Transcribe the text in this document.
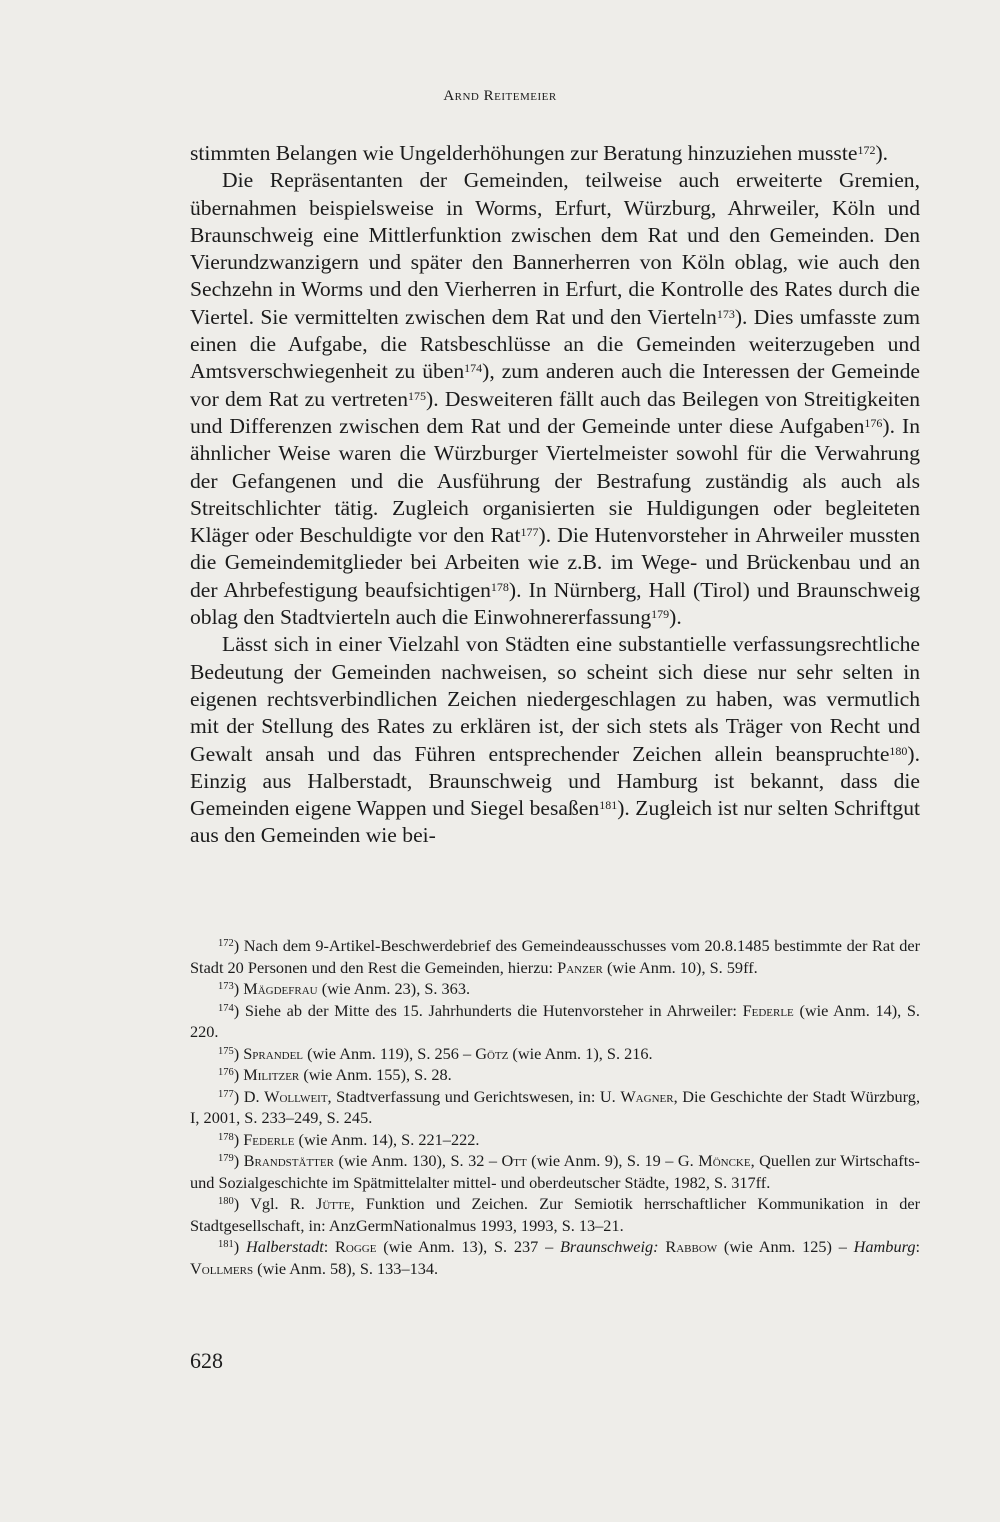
Arnd Reitemeier

stimmten Belangen wie Ungelderhöhungen zur Beratung hinzuziehen musste$^{172}$).

Die Repräsentanten der Gemeinden, teilweise auch erweiterte Gremien, übernahmen beispielsweise in Worms, Erfurt, Würzburg, Ahrweiler, Köln und Braunschweig eine Mittlerfunktion zwischen dem Rat und den Gemeinden. Den Vierundzwanzigern und später den Bannerherren von Köln oblag, wie auch den Sechzehn in Worms und den Vierherren in Erfurt, die Kontrolle des Rates durch die Viertel. Sie vermittelten zwischen dem Rat und den Vierteln$^{173}$). Dies umfasste zum einen die Aufgabe, die Ratsbeschlüsse an die Gemeinden weiterzugeben und Amtsverschwiegenheit zu üben$^{174}$), zum anderen auch die Interessen der Gemeinde vor dem Rat zu vertreten$^{175}$). Desweiteren fällt auch das Beilegen von Streitigkeiten und Differenzen zwischen dem Rat und der Gemeinde unter diese Aufgaben$^{176}$). In ähnlicher Weise waren die Würzburger Viertelmeister sowohl für die Verwahrung der Gefangenen und die Ausführung der Bestrafung zuständig als auch als Streitschlichter tätig. Zugleich organisierten sie Huldigungen oder begleiteten Kläger oder Beschuldigte vor den Rat$^{177}$). Die Hutenvorsteher in Ahrweiler mussten die Gemeindemitglieder bei Arbeiten wie z.B. im Wege- und Brückenbau und an der Ahrbefestigung beaufsichtigen$^{178}$). In Nürnberg, Hall (Tirol) und Braunschweig oblag den Stadtvierteln auch die Einwohnererfassung$^{179}$).

Lässt sich in einer Vielzahl von Städten eine substantielle verfassungsrechtliche Bedeutung der Gemeinden nachweisen, so scheint sich diese nur sehr selten in eigenen rechtsverbindlichen Zeichen niedergeschlagen zu haben, was vermutlich mit der Stellung des Rates zu erklären ist, der sich stets als Träger von Recht und Gewalt ansah und das Führen entsprechender Zeichen allein beanspruchte$^{180}$). Einzig aus Halberstadt, Braunschweig und Hamburg ist bekannt, dass die Gemeinden eigene Wappen und Siegel besaßen$^{181}$). Zugleich ist nur selten Schriftgut aus den Gemeinden wie bei-

$^{172}$) Nach dem 9-Artikel-Beschwerdebrief des Gemeindeausschusses vom 20.8.1485 bestimmte der Rat der Stadt 20 Personen und den Rest die Gemeinden, hierzu: Panzer (wie Anm. 10), S. 59ff.

$^{173}$) Mägdefrau (wie Anm. 23), S. 363.

$^{174}$) Siehe ab der Mitte des 15. Jahrhunderts die Hutenvorsteher in Ahrweiler: Federle (wie Anm. 14), S. 220.

$^{175}$) Sprandel (wie Anm. 119), S. 256 – Götz (wie Anm. 1), S. 216.

$^{176}$) Militzer (wie Anm. 155), S. 28.

$^{177}$) D. Wollweit, Stadtverfassung und Gerichtswesen, in: U. Wagner, Die Geschichte der Stadt Würzburg, I, 2001, S. 233–249, S. 245.

$^{178}$) Federle (wie Anm. 14), S. 221–222.

$^{179}$) Brandstätter (wie Anm. 130), S. 32 – Ott (wie Anm. 9), S. 19 – G. Möncke, Quellen zur Wirtschafts- und Sozialgeschichte im Spätmittelalter mittel- und oberdeutscher Städte, 1982, S. 317ff.

$^{180}$) Vgl. R. Jütte, Funktion und Zeichen. Zur Semiotik herrschaftlicher Kommunikation in der Stadtgesellschaft, in: AnzGermNationalmus 1993, 1993, S. 13–21.

$^{181}$) Halberstadt: Rogge (wie Anm. 13), S. 237 – Braunschweig: Rabbow (wie Anm. 125) – Hamburg: Vollmers (wie Anm. 58), S. 133–134.

628
